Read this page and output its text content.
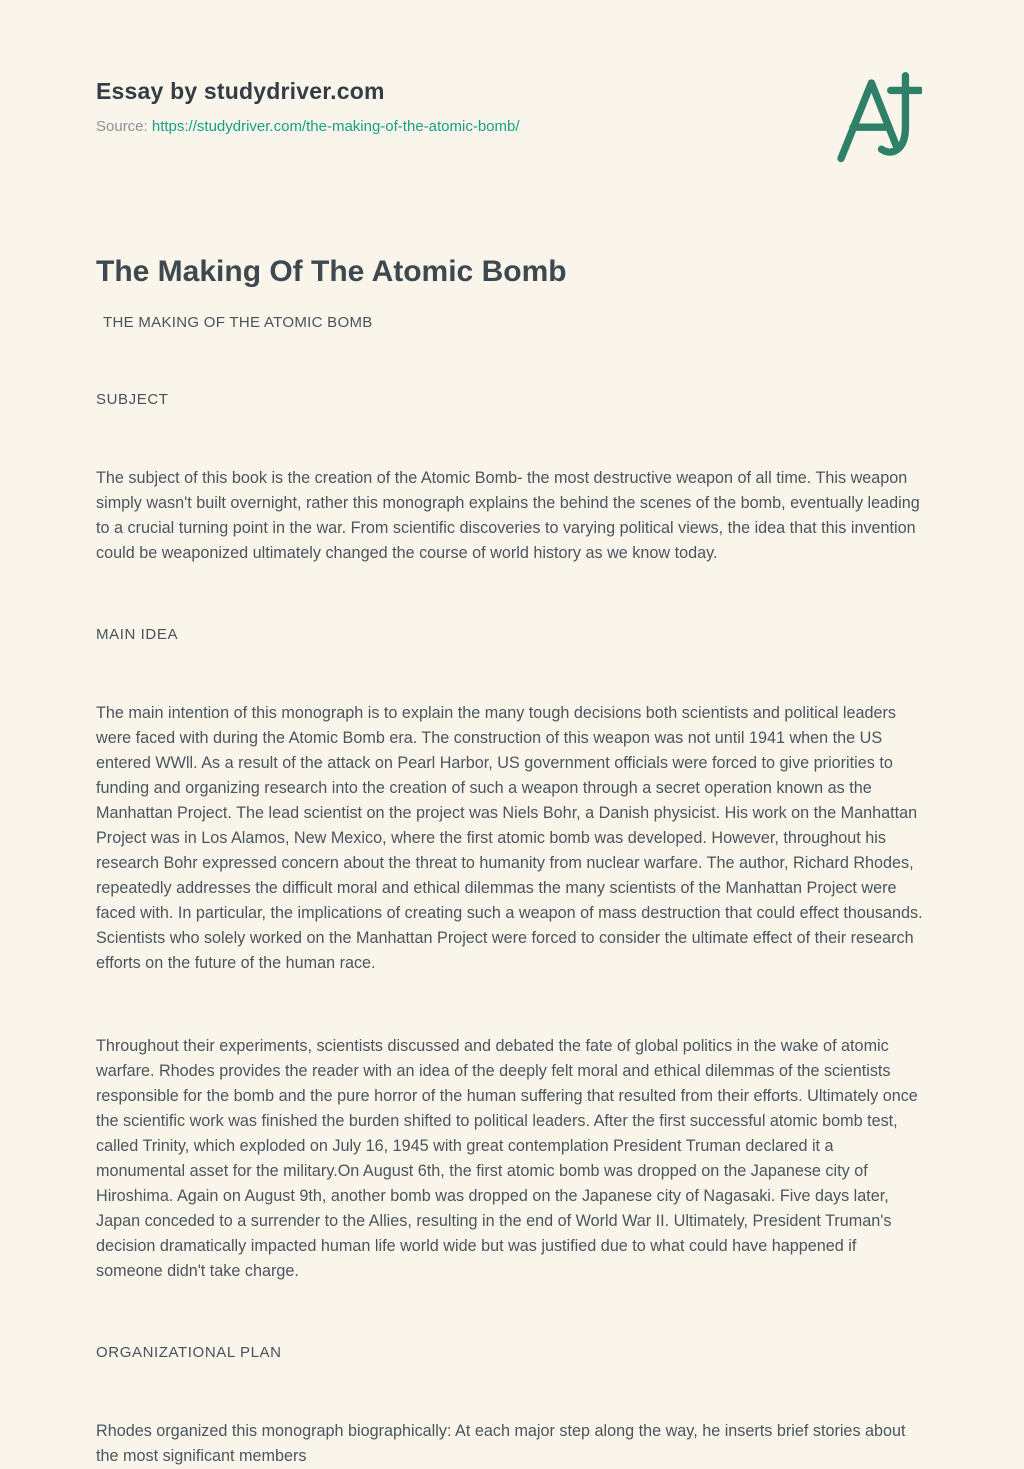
Essay by studydriver.com

Source: https://studydriver.com/the-making-of-the-atomic-bomb/

The Making Of The Atomic Bomb

THE MAKING OF THE ATOMIC BOMB

SUBJECT

The subject of this book is the creation of the Atomic Bomb- the most destructive weapon of all time. This weapon simply wasn't built overnight, rather this monograph explains the behind the scenes of the bomb, eventually leading to a crucial turning point in the war. From scientific discoveries to varying political views, the idea that this invention could be weaponized ultimately changed the course of world history as we know today.

MAIN IDEA

The main intention of this monograph is to explain the many tough decisions both scientists and political leaders were faced with during the Atomic Bomb era. The construction of this weapon was not until 1941 when the US entered WWll. As a result of the attack on Pearl Harbor, US government officials were forced to give priorities to funding and organizing research into the creation of such a weapon through a secret operation known as the Manhattan Project. The lead scientist on the project was Niels Bohr, a Danish physicist. His work on the Manhattan Project was in Los Alamos, New Mexico, where the first atomic bomb was developed. However, throughout his research Bohr expressed concern about the threat to humanity from nuclear warfare. The author, Richard Rhodes, repeatedly addresses the difficult moral and ethical dilemmas the many scientists of the Manhattan Project were faced with. In particular, the implications of creating such a weapon of mass destruction that could effect thousands. Scientists who solely worked on the Manhattan Project were forced to consider the ultimate effect of their research efforts on the future of the human race.

Throughout their experiments, scientists discussed and debated the fate of global politics in the wake of atomic warfare. Rhodes provides the reader with an idea of the deeply felt moral and ethical dilemmas of the scientists responsible for the bomb and the pure horror of the human suffering that resulted from their efforts. Ultimately once the scientific work was finished the burden shifted to political leaders. After the first successful atomic bomb test, called Trinity, which exploded on July 16, 1945 with great contemplation President Truman declared it a monumental asset for the military.On August 6th, the first atomic bomb was dropped on the Japanese city of Hiroshima. Again on August 9th, another bomb was dropped on the Japanese city of Nagasaki. Five days later, Japan conceded to a surrender to the Allies, resulting in the end of World War II. Ultimately, President Truman's decision dramatically impacted human life world wide but was justified due to what could have happened if someone didn't take charge.

ORGANIZATIONAL PLAN

Rhodes organized this monograph biographically: At each major step along the way, he inserts brief stories about the most significant members
